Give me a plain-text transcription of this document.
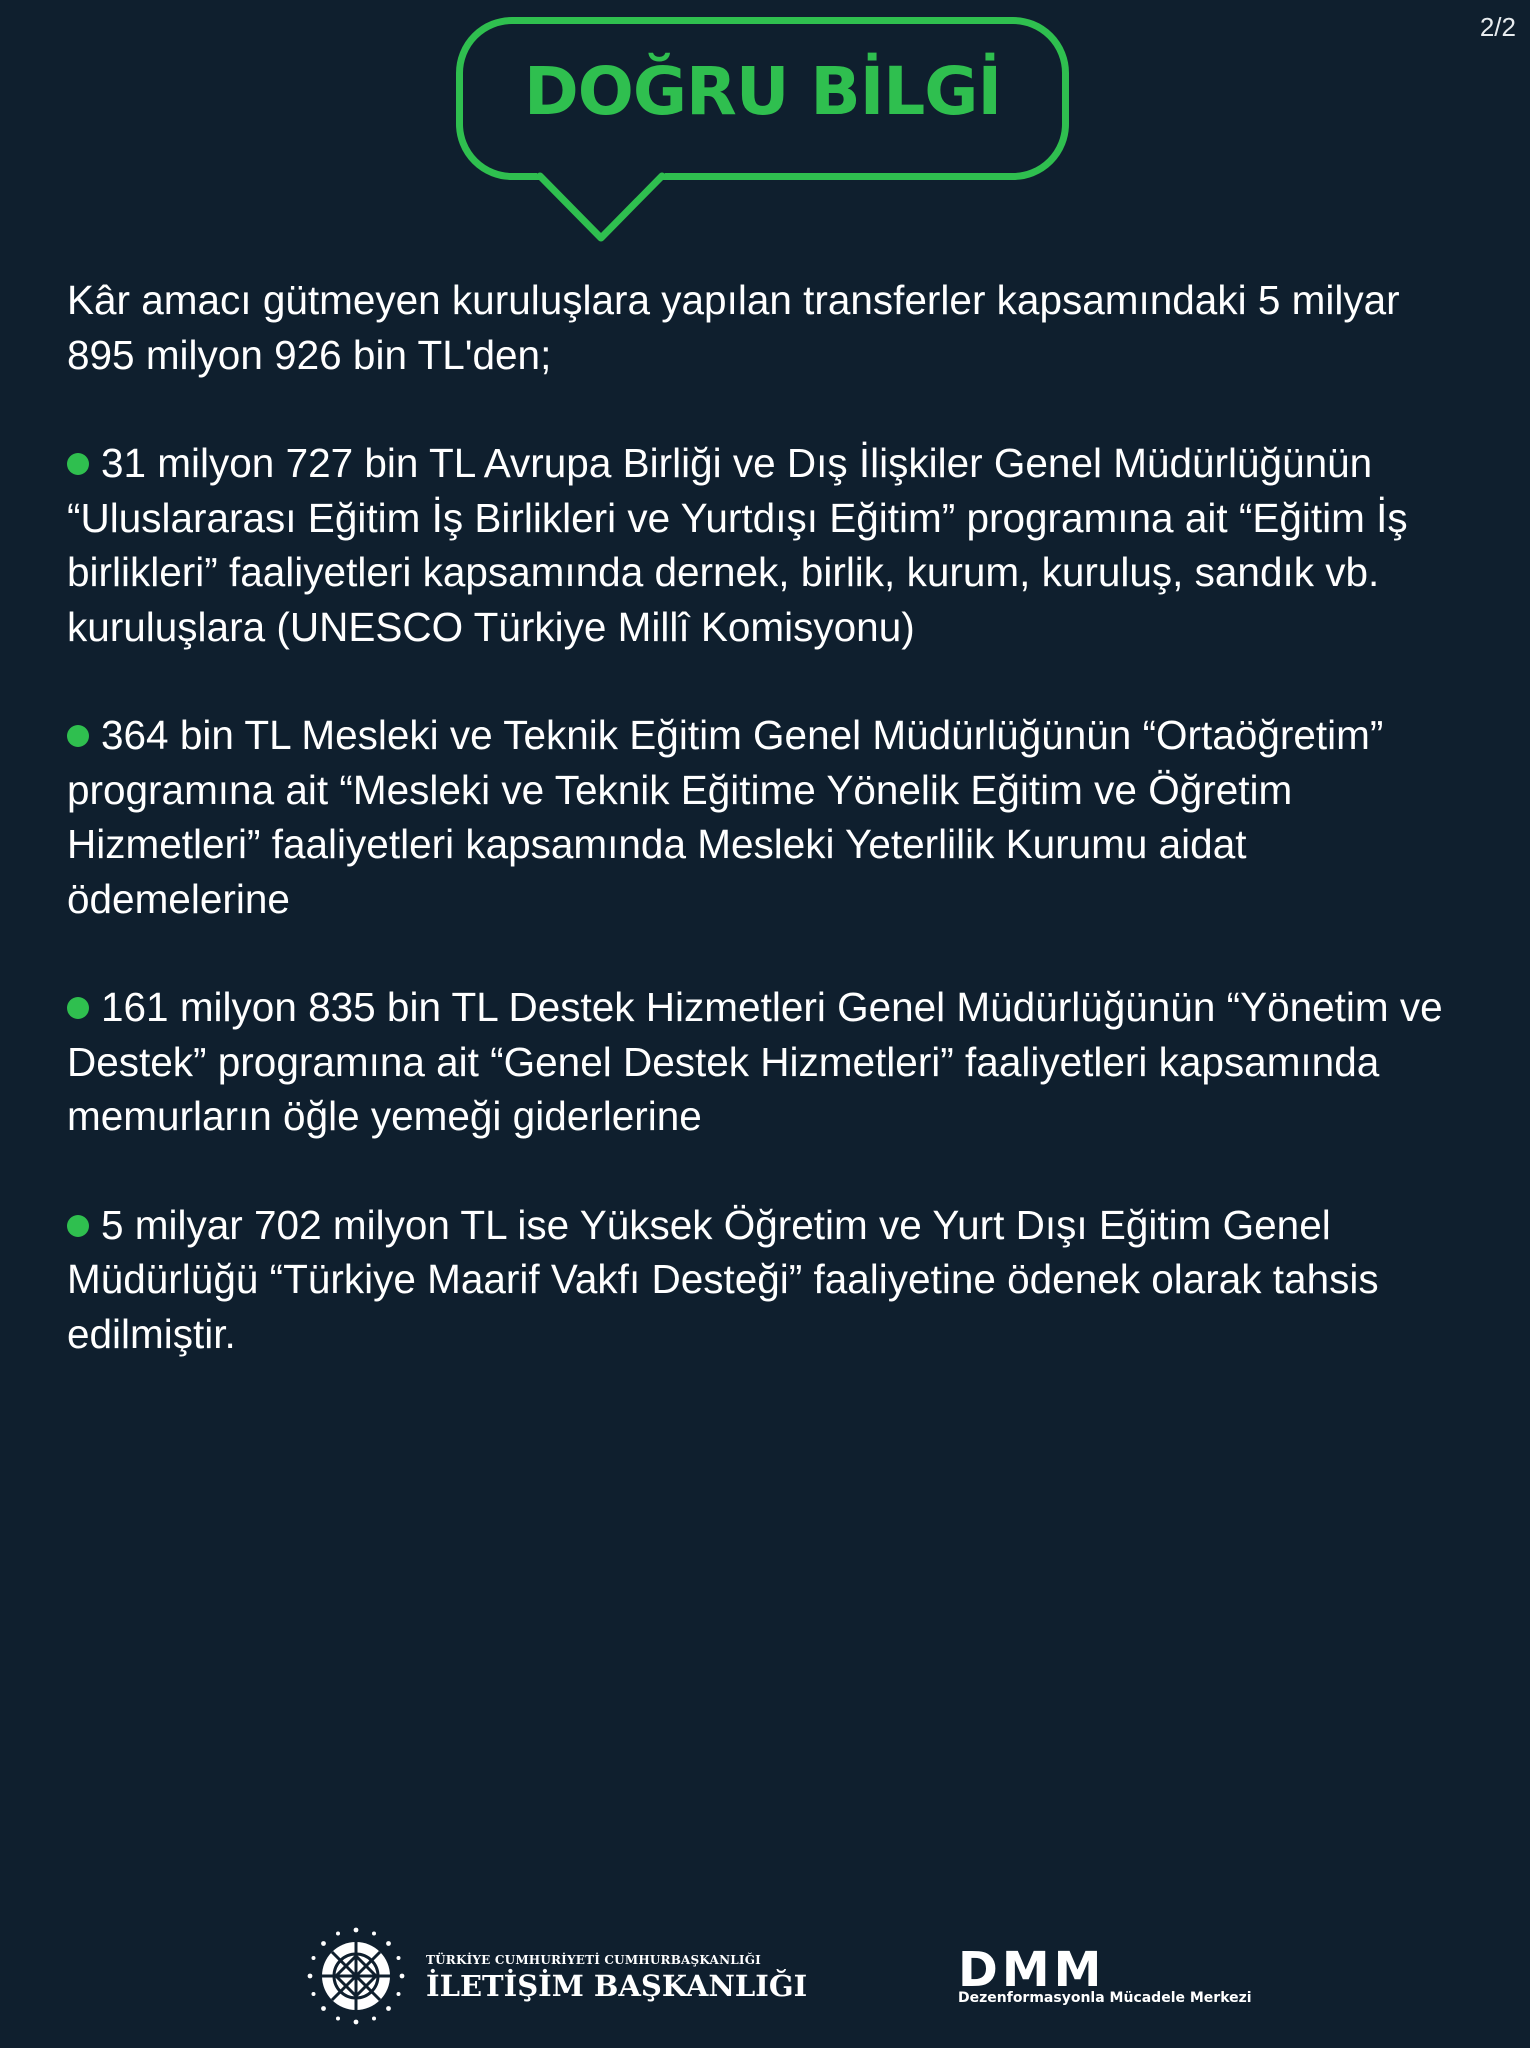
2/2
DOĞRU BİLGİ

Kâr amacı gütmeyen kuruluşlara yapılan transferler kapsamındaki 5 milyar 895 milyon 926 bin TL'den;

31 milyon 727 bin TL Avrupa Birliği ve Dış İlişkiler Genel Müdürlüğünün “Uluslararası Eğitim İş Birlikleri ve Yurtdışı Eğitim” programına ait “Eğitim İş birlikleri” faaliyetleri kapsamında dernek, birlik, kurum, kuruluş, sandık vb. kuruluşlara (UNESCO Türkiye Millî Komisyonu)

364 bin TL Mesleki ve Teknik Eğitim Genel Müdürlüğünün “Ortaöğretim” programına ait “Mesleki ve Teknik Eğitime Yönelik Eğitim ve Öğretim Hizmetleri” faaliyetleri kapsamında Mesleki Yeterlilik Kurumu aidat ödemelerine

161 milyon 835 bin TL Destek Hizmetleri Genel Müdürlüğünün “Yönetim ve Destek” programına ait “Genel Destek Hizmetleri” faaliyetleri kapsamında memurların öğle yemeği giderlerine

5 milyar 702 milyon TL ise Yüksek Öğretim ve Yurt Dışı Eğitim Genel Müdürlüğü “Türkiye Maarif Vakfı Desteği” faaliyetine ödenek olarak tahsis edilmiştir.

TÜRKİYE CUMHURİYETİ CUMHURBAŞKANLIĞI
İLETİŞİM BAŞKANLIĞI	DMM
Dezenformasyonla Mücadele Merkezi
